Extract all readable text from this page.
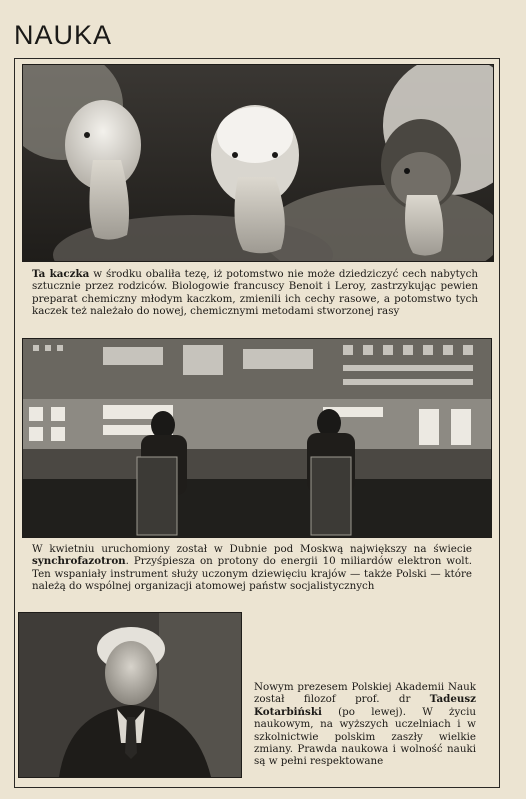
NAUKA

Ta kaczka w środku obaliła tezę, iż potomstwo nie może dziedziczyć cech nabytych sztucznie przez rodziców. Biologowie francuscy Benoit i Leroy, zastrzykując pewien preparat chemiczny młodym kaczkom, zmienili ich cechy rasowe, a potomstwo tych kaczek też należało do nowej, chemicznymi metodami stworzonej rasy

W kwietniu uruchomiony został w Dubnie pod Moskwą największy na świecie synchrofazotron. Przyśpiesza on protony do energii 10 miliardów elektron wolt. Ten wspaniały instrument służy uczonym dziewięciu krajów — także Polski — które należą do wspólnej organizacji atomowej państw socjalistycznych

Nowym prezesem Polskiej Akademii Nauk został filozof prof. dr Tadeusz Kotarbiński (po lewej). W życiu naukowym, na wyższych uczelniach i w szkolnictwie polskim zaszły wielkie zmiany. Prawda naukowa i wolność nauki są w pełni respektowane
